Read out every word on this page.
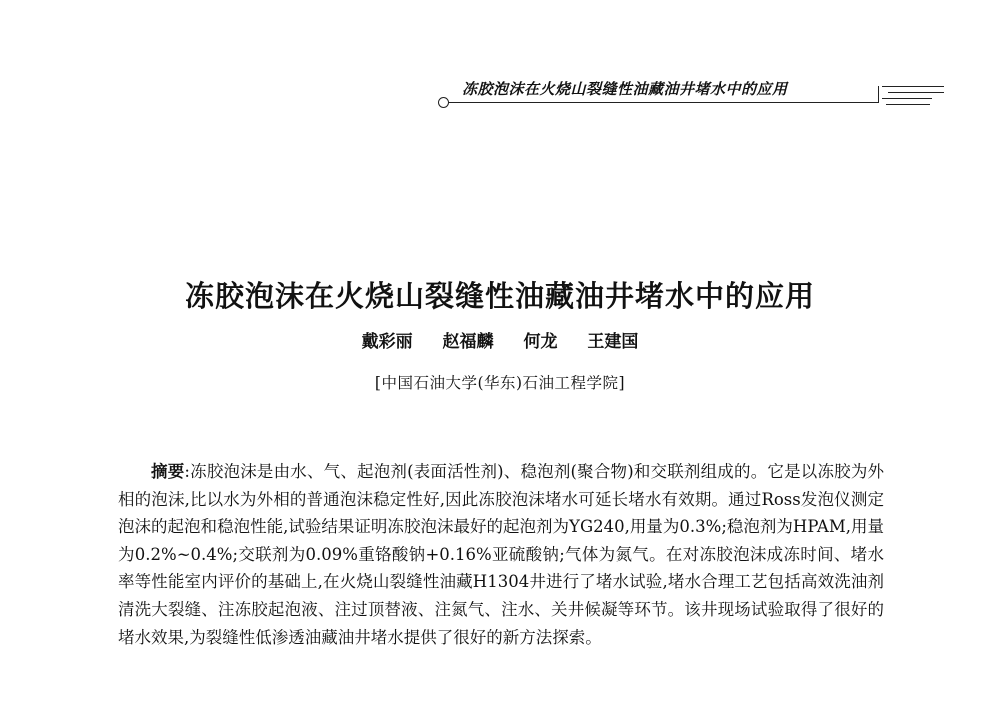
冻胶泡沫在火烧山裂缝性油藏油井堵水中的应用
冻胶泡沫在火烧山裂缝性油藏油井堵水中的应用
戴彩丽 赵福麟 何龙 王建国
[中国石油大学(华东)石油工程学院]

摘要:冻胶泡沫是由水、气、起泡剂(表面活性剂)、稳泡剂(聚合物)和交联剂组成的。它是以冻胶为外相的泡沫,比以水为外相的普通泡沫稳定性好,因此冻胶泡沫堵水可延长堵水有效期。通过Ross发泡仪测定泡沫的起泡和稳泡性能,试验结果证明冻胶泡沫最好的起泡剂为YG240,用量为0.3%;稳泡剂为HPAM,用量为0.2%~0.4%;交联剂为0.09%重铬酸钠+0.16%亚硫酸钠;气体为氮气。在对冻胶泡沫成冻时间、堵水率等性能室内评价的基础上,在火烧山裂缝性油藏H1304井进行了堵水试验,堵水合理工艺包括高效洗油剂清洗大裂缝、注冻胶起泡液、注过顶替液、注氮气、注水、关井候凝等环节。该井现场试验取得了很好的堵水效果,为裂缝性低渗透油藏油井堵水提供了很好的新方法探索。
